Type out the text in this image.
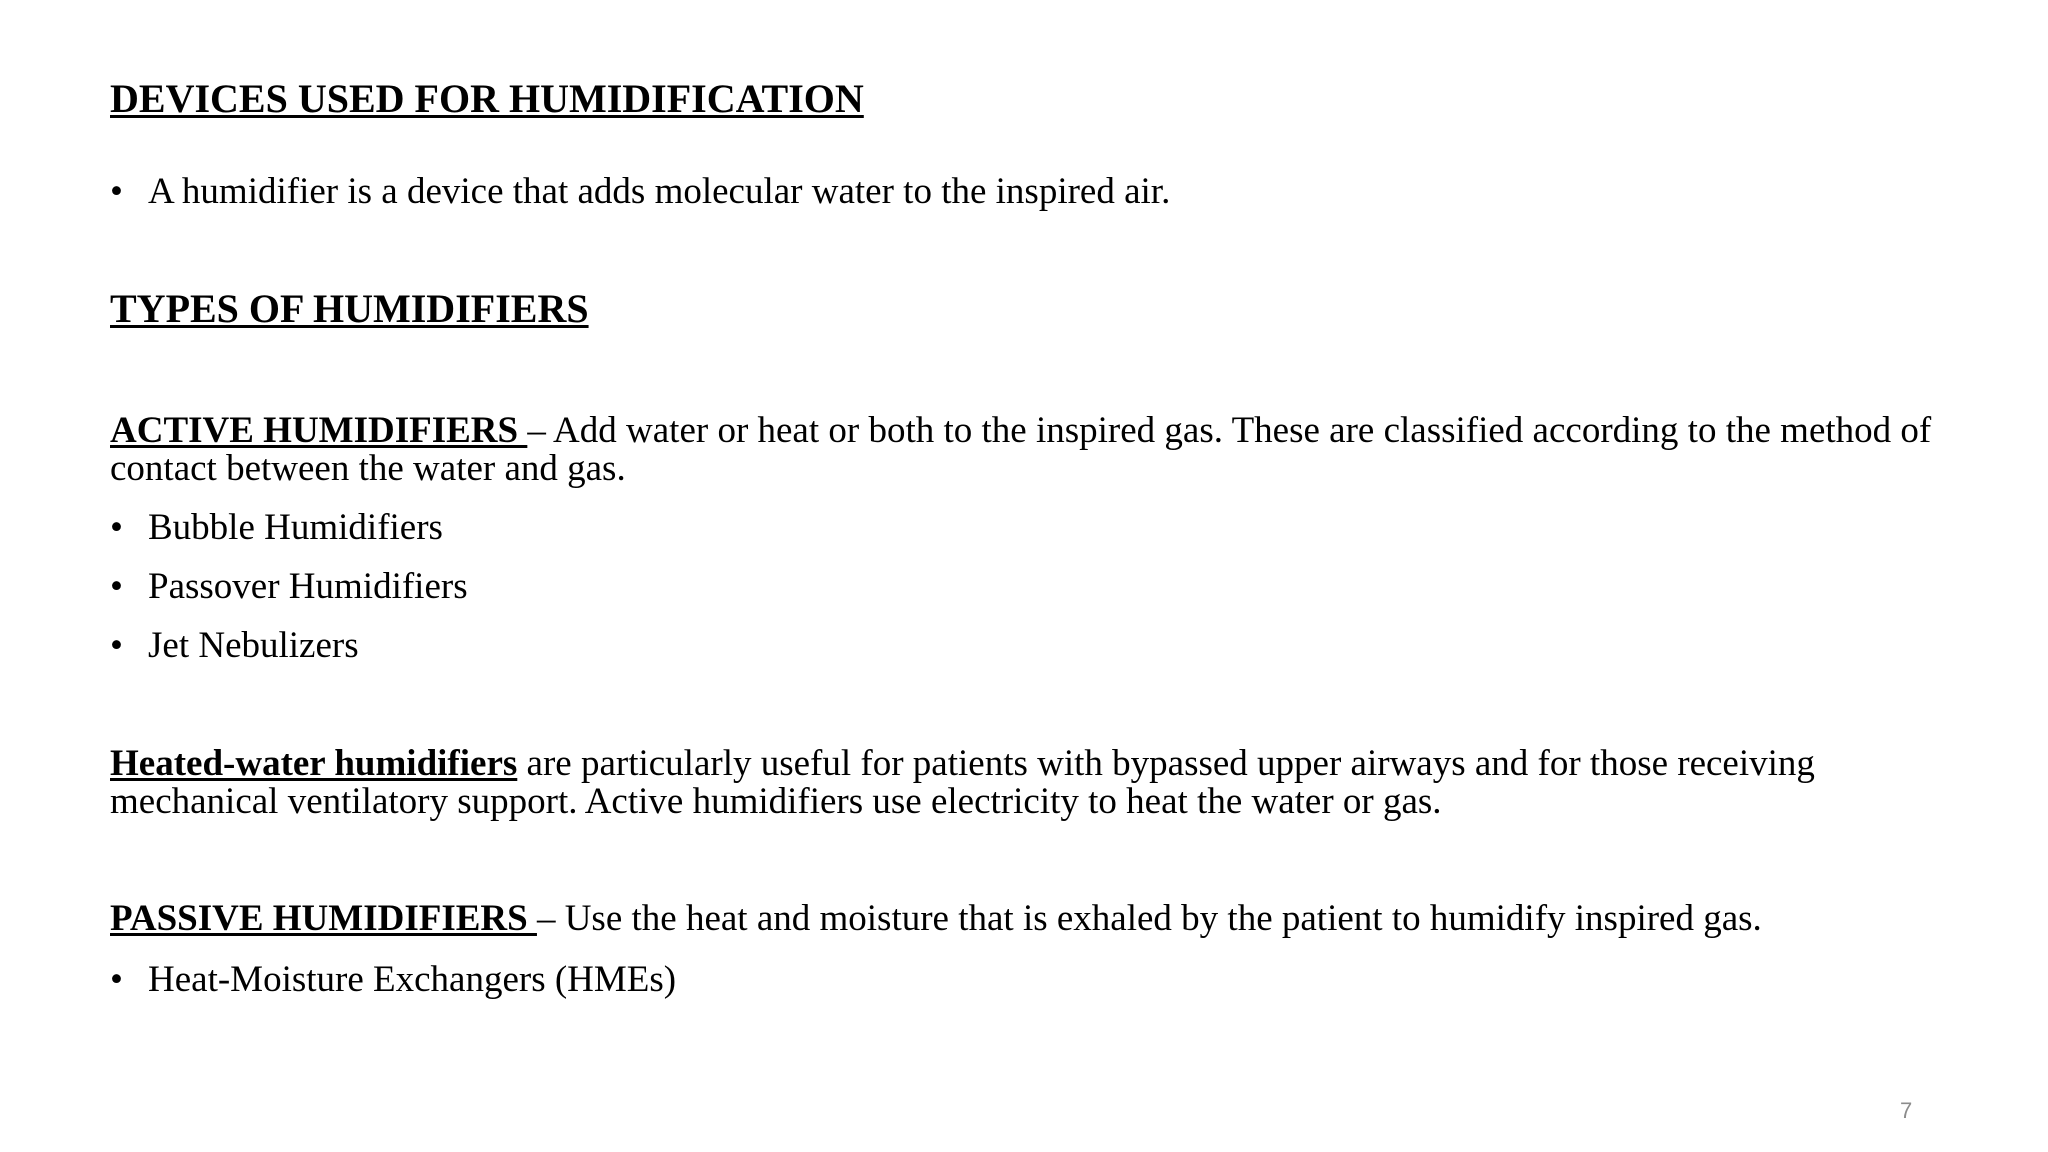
DEVICES USED FOR HUMIDIFICATION
• A humidifier is a device that adds molecular water to the inspired air.
TYPES OF HUMIDIFIERS

ACTIVE HUMIDIFIERS – Add water or heat or both to the inspired gas. These are classified according to the method of contact between the water and gas.

• Bubble Humidifiers
• Passover Humidifiers
• Jet Nebulizers

Heated-water humidifiers are particularly useful for patients with bypassed upper airways and for those receiving mechanical ventilatory support. Active humidifiers use electricity to heat the water or gas.

PASSIVE HUMIDIFIERS – Use the heat and moisture that is exhaled by the patient to humidify inspired gas.

• Heat-Moisture Exchangers (HMEs)
7
